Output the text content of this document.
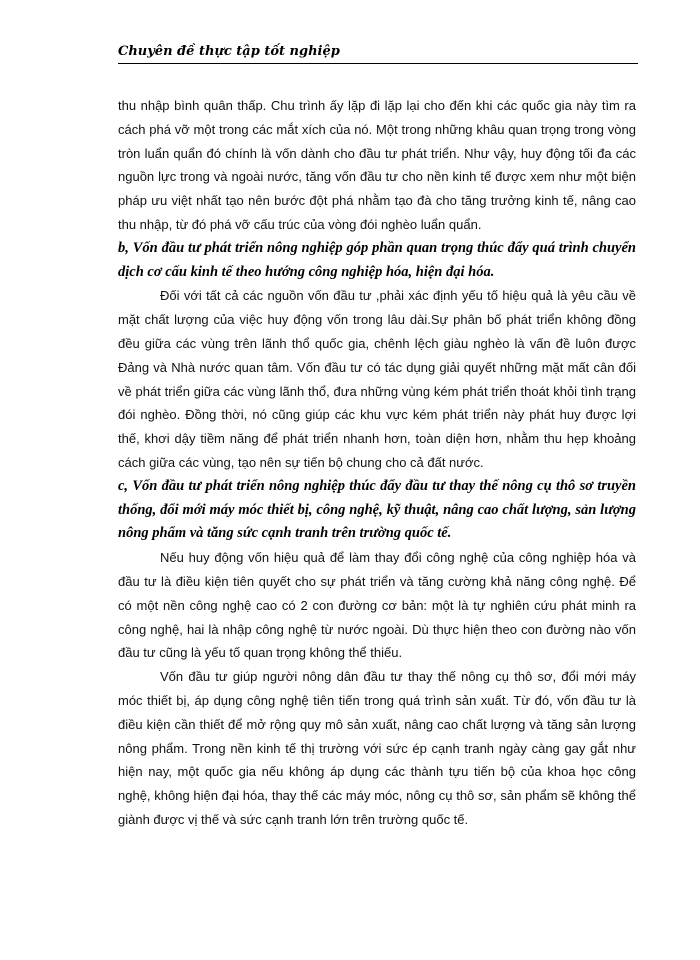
Chuyên đề thực tập tốt nghiệp

thu nhập bình quân thấp. Chu trình ấy lặp đi lặp lại cho đến khi các quốc gia này tìm ra cách phá vỡ một trong các mắt xích của nó. Một trong những khâu quan trọng trong vòng tròn luẩn quẩn đó chính là vốn dành cho đầu tư phát triển. Như vậy, huy động tối đa các nguồn lực trong và ngoài nước, tăng vốn đầu tư cho nền kinh tế được xem như một biện pháp ưu việt nhất tạo nên bước đột phá nhằm tạo đà cho tăng trưởng kinh tế, nâng cao thu nhập, từ đó phá vỡ cấu trúc của vòng đói nghèo luẩn quẩn.

b, Vốn đầu tư phát triển nông nghiệp góp phần quan trọng thúc đẩy quá trình chuyển dịch cơ cấu kinh tế theo hướng công nghiệp hóa, hiện đại hóa.

Đối với tất cả các nguồn vốn đầu tư ,phải xác định yếu tố hiệu quả là yêu cầu về mặt chất lượng của việc huy động vốn trong lâu dài.Sự phân bố phát triển không đồng đều giữa các vùng trên lãnh thổ quốc gia, chênh lệch giàu nghèo là vấn đề luôn được Đảng và Nhà nước quan tâm. Vốn đầu tư có tác dụng giải quyết những mặt mất cân đối về phát triển giữa các vùng lãnh thổ, đưa những vùng kém phát triển thoát khỏi tình trạng đói nghèo. Đồng thời, nó cũng giúp các khu vực kém phát triển này phát huy được lợi thế, khơi dậy tiềm năng để phát triển nhanh hơn, toàn diện hơn, nhằm thu hẹp khoảng cách giữa các vùng, tạo nên sự tiến bộ chung cho cả đất nước.

c, Vốn đầu tư phát triển nông nghiệp thúc đẩy đầu tư thay thế nông cụ thô sơ truyền thống, đổi mới máy móc thiết bị, công nghệ, kỹ thuật, nâng cao chất lượng, sản lượng nông phẩm và tăng sức cạnh tranh trên trường quốc tế.

Nếu huy động vốn hiệu quả để làm thay đổi công nghệ của công nghiệp hóa và đầu tư là điều kiện tiên quyết cho sự phát triển và tăng cường khả năng công nghệ. Để có một nền công nghệ cao có 2 con đường cơ bản: một là tự nghiên cứu phát minh ra công nghệ, hai là nhập công nghệ từ nước ngoài. Dù thực hiện theo con đường nào vốn đầu tư cũng là yếu tố quan trọng không thể thiếu.

Vốn đầu tư giúp người nông dân đầu tư thay thế nông cụ thô sơ, đổi mới máy móc thiết bị, áp dụng công nghệ tiên tiến trong quá trình sản xuất. Từ đó, vốn đầu tư là điều kiện cần thiết để mở rộng quy mô sản xuất, nâng cao chất lượng và tăng sản lượng nông phẩm. Trong nền kinh tế thị trường với sức ép cạnh tranh ngày càng gay gắt như hiện nay, một quốc gia nếu không áp dụng các thành tựu tiến bộ của khoa học công nghệ, không hiện đại hóa, thay thế các máy móc, nông cụ thô sơ, sản phẩm sẽ không thể giành được vị thế và sức cạnh tranh lớn trên trường quốc tế.
